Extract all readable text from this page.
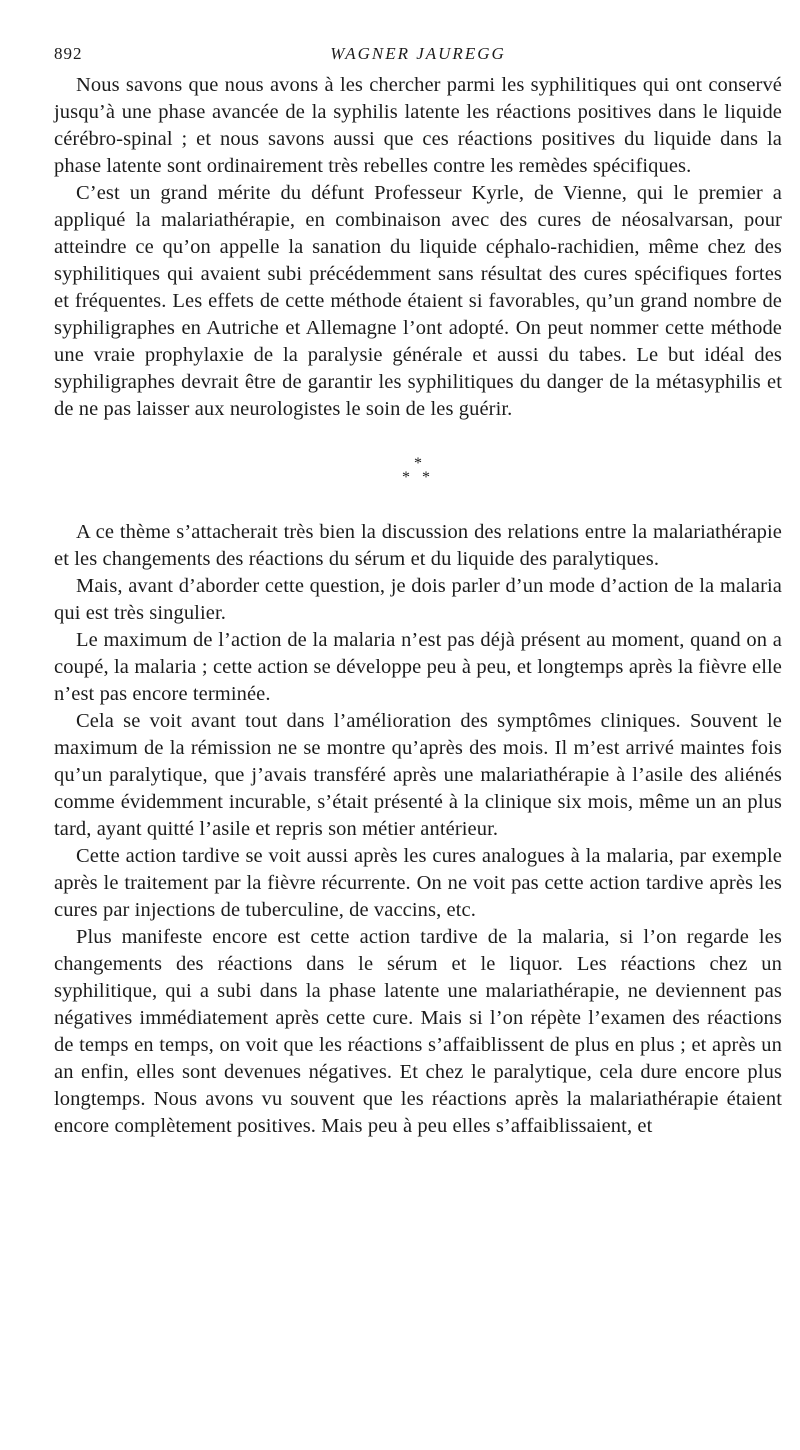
892	WAGNER JAUREGG

Nous savons que nous avons à les chercher parmi les syphilitiques qui ont conservé jusqu’à une phase avancée de la syphilis latente les réactions positives dans le liquide cérébro-spinal ; et nous savons aussi que ces réactions positives du liquide dans la phase latente sont ordinairement très rebelles contre les remèdes spécifiques.

C’est un grand mérite du défunt Professeur Kyrle, de Vienne, qui le premier a appliqué la malariathérapie, en combinaison avec des cures de néosalvarsan, pour atteindre ce qu’on appelle la sanation du liquide céphalo-rachidien, même chez des syphilitiques qui avaient subi précédemment sans résultat des cures spécifiques fortes et fréquentes. Les effets de cette méthode étaient si favorables, qu’un grand nombre de syphiligraphes en Autriche et Allemagne l’ont adopté. On peut nommer cette méthode une vraie prophylaxie de la paralysie générale et aussi du tabes. Le but idéal des syphiligraphes devrait être de garantir les syphilitiques du danger de la métasyphilis et de ne pas laisser aux neurologistes le soin de les guérir.

*
* *

A ce thème s’attacherait très bien la discussion des relations entre la malariathérapie et les changements des réactions du sérum et du liquide des paralytiques.

Mais, avant d’aborder cette question, je dois parler d’un mode d’action de la malaria qui est très singulier.

Le maximum de l’action de la malaria n’est pas déjà présent au moment, quand on a coupé, la malaria ; cette action se développe peu à peu, et longtemps après la fièvre elle n’est pas encore terminée.

Cela se voit avant tout dans l’amélioration des symptômes cliniques. Souvent le maximum de la rémission ne se montre qu’après des mois. Il m’est arrivé maintes fois qu’un paralytique, que j’avais transféré après une malariathérapie à l’asile des aliénés comme évidemment incurable, s’était présenté à la clinique six mois, même un an plus tard, ayant quitté l’asile et repris son métier antérieur.

Cette action tardive se voit aussi après les cures analogues à la malaria, par exemple après le traitement par la fièvre récurrente. On ne voit pas cette action tardive après les cures par injections de tuberculine, de vaccins, etc.

Plus manifeste encore est cette action tardive de la malaria, si l’on regarde les changements des réactions dans le sérum et le liquor. Les réactions chez un syphilitique, qui a subi dans la phase latente une malariathérapie, ne deviennent pas négatives immédiatement après cette cure. Mais si l’on répète l’examen des réactions de temps en temps, on voit que les réactions s’affaiblissent de plus en plus ; et après un an enfin, elles sont devenues négatives. Et chez le paralytique, cela dure encore plus longtemps. Nous avons vu souvent que les réactions après la malariathérapie étaient encore complètement positives. Mais peu à peu elles s’affaiblissaient, et
